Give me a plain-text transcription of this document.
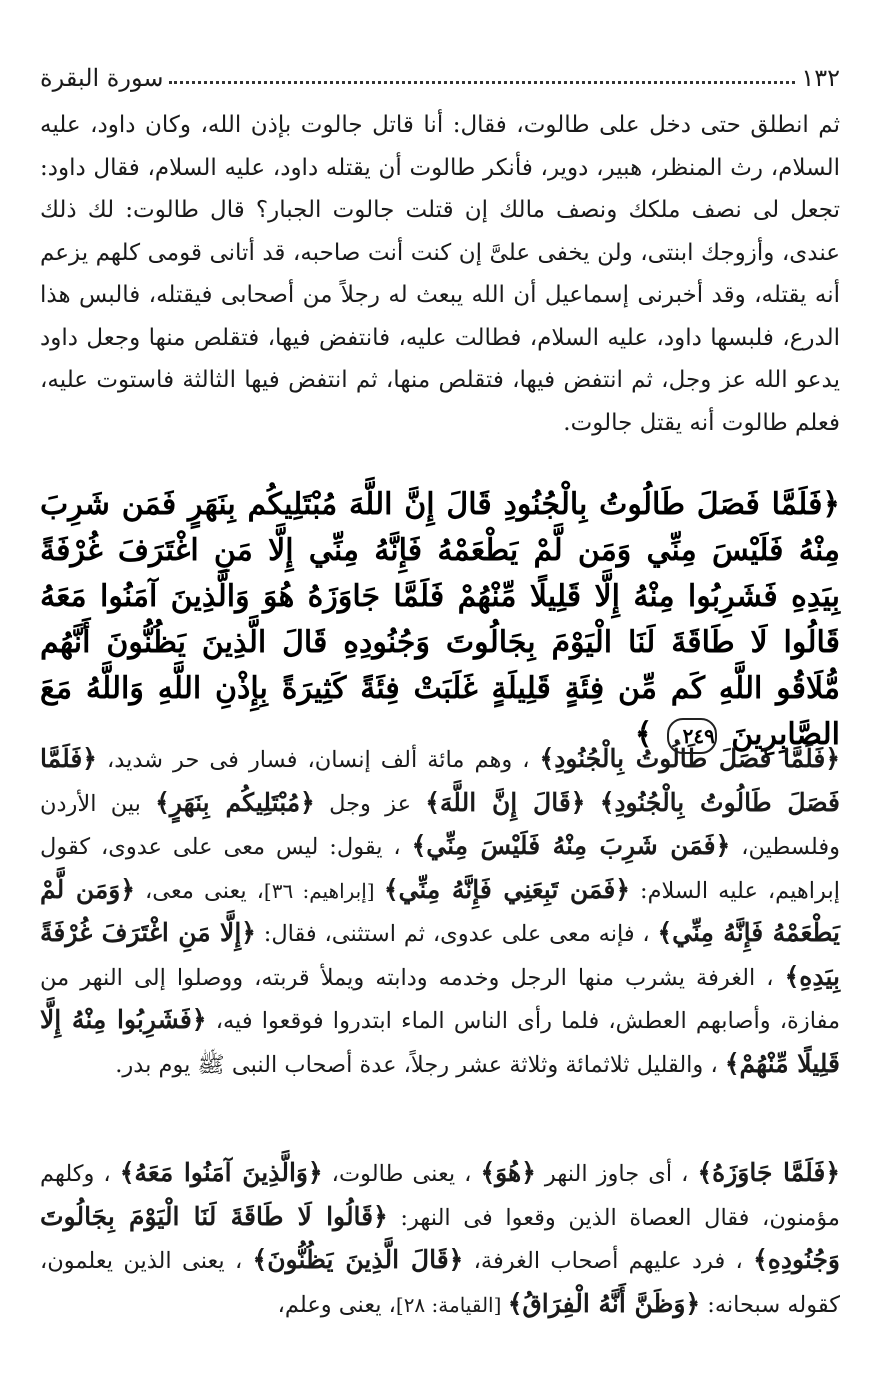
١٣٢
سورة البقرة
ثم انطلق حتى دخل على طالوت، فقال: أنا قاتل جالوت بإذن الله، وكان داود، عليه السلام، رث المنظر، هبير، دوير، فأنكر طالوت أن يقتله داود، عليه السلام، فقال داود: تجعل لى نصف ملكك ونصف مالك إن قتلت جالوت الجبار؟ قال طالوت: لك ذلك عندى، وأزوجك ابنتى، ولن يخفى علىَّ إن كنت أنت صاحبه، قد أتانى قومى كلهم يزعم أنه يقتله، وقد أخبرنى إسماعيل أن الله يبعث له رجلاً من أصحابى فيقتله، فالبس هذا الدرع، فلبسها داود، عليه السلام، فطالت عليه، فانتفض فيها، فتقلص منها وجعل داود يدعو الله عز وجل، ثم انتفض فيها، فتقلص منها، ثم انتفض فيها الثالثة فاستوت عليه، فعلم طالوت أنه يقتل جالوت.
﴿فَلَمَّا فَصَلَ طَالُوتُ بِالْجُنُودِ قَالَ إِنَّ اللَّهَ مُبْتَلِيكُم بِنَهَرٍ فَمَن شَرِبَ مِنْهُ فَلَيْسَ مِنِّي وَمَن لَّمْ يَطْعَمْهُ فَإِنَّهُ مِنِّي إِلَّا مَنِ اغْتَرَفَ غُرْفَةً بِيَدِهِ فَشَرِبُوا مِنْهُ إِلَّا قَلِيلًا مِّنْهُمْ فَلَمَّا جَاوَزَهُ هُوَ وَالَّذِينَ آمَنُوا مَعَهُ قَالُوا لَا طَاقَةَ لَنَا الْيَوْمَ بِجَالُوتَ وَجُنُودِهِ قَالَ الَّذِينَ يَظُنُّونَ أَنَّهُم مُّلَاقُو اللَّهِ كَم مِّن فِئَةٍ قَلِيلَةٍ غَلَبَتْ فِئَةً كَثِيرَةً بِإِذْنِ اللَّهِ وَاللَّهُ مَعَ الصَّابِرِينَ ٢٤٩ ﴾
﴿فَلَمَّا فَصَلَ طَالُوتُ بِالْجُنُودِ﴾ ، وهم مائة ألف إنسان، فسار فى حر شديد، ﴿فَلَمَّا فَصَلَ طَالُوتُ بِالْجُنُودِ﴾ ﴿قَالَ إِنَّ اللَّهَ﴾ عز وجل ﴿مُبْتَلِيكُم بِنَهَرٍ﴾ بين الأردن وفلسطين، ﴿فَمَن شَرِبَ مِنْهُ فَلَيْسَ مِنِّي﴾ ، يقول: ليس معى على عدوى، كقول إبراهيم، عليه السلام: ﴿فَمَن تَبِعَنِي فَإِنَّهُ مِنِّي﴾ [إبراهيم: ٣٦]، يعنى معى، ﴿وَمَن لَّمْ يَطْعَمْهُ فَإِنَّهُ مِنِّي﴾ ، فإنه معى على عدوى، ثم استثنى، فقال: ﴿إِلَّا مَنِ اغْتَرَفَ غُرْفَةً بِيَدِهِ﴾ ، الغرفة يشرب منها الرجل وخدمه ودابته ويملأ قربته، ووصلوا إلى النهر من مفازة، وأصابهم العطش، فلما رأى الناس الماء ابتدروا فوقعوا فيه، ﴿فَشَرِبُوا مِنْهُ إِلَّا قَلِيلًا مِّنْهُمْ﴾ ، والقليل ثلاثمائة وثلاثة عشر رجلاً، عدة أصحاب النبى ﷺ يوم بدر.
﴿فَلَمَّا جَاوَزَهُ﴾ ، أى جاوز النهر ﴿هُوَ﴾ ، يعنى طالوت، ﴿وَالَّذِينَ آمَنُوا مَعَهُ﴾ ، وكلهم مؤمنون، فقال العصاة الذين وقعوا فى النهر: ﴿قَالُوا لَا طَاقَةَ لَنَا الْيَوْمَ بِجَالُوتَ وَجُنُودِهِ﴾ ، فرد عليهم أصحاب الغرفة، ﴿قَالَ الَّذِينَ يَظُنُّونَ﴾ ، يعنى الذين يعلمون، كقوله سبحانه: ﴿وَظَنَّ أَنَّهُ الْفِرَاقُ﴾ [القيامة: ٢٨]، يعنى وعلم،
